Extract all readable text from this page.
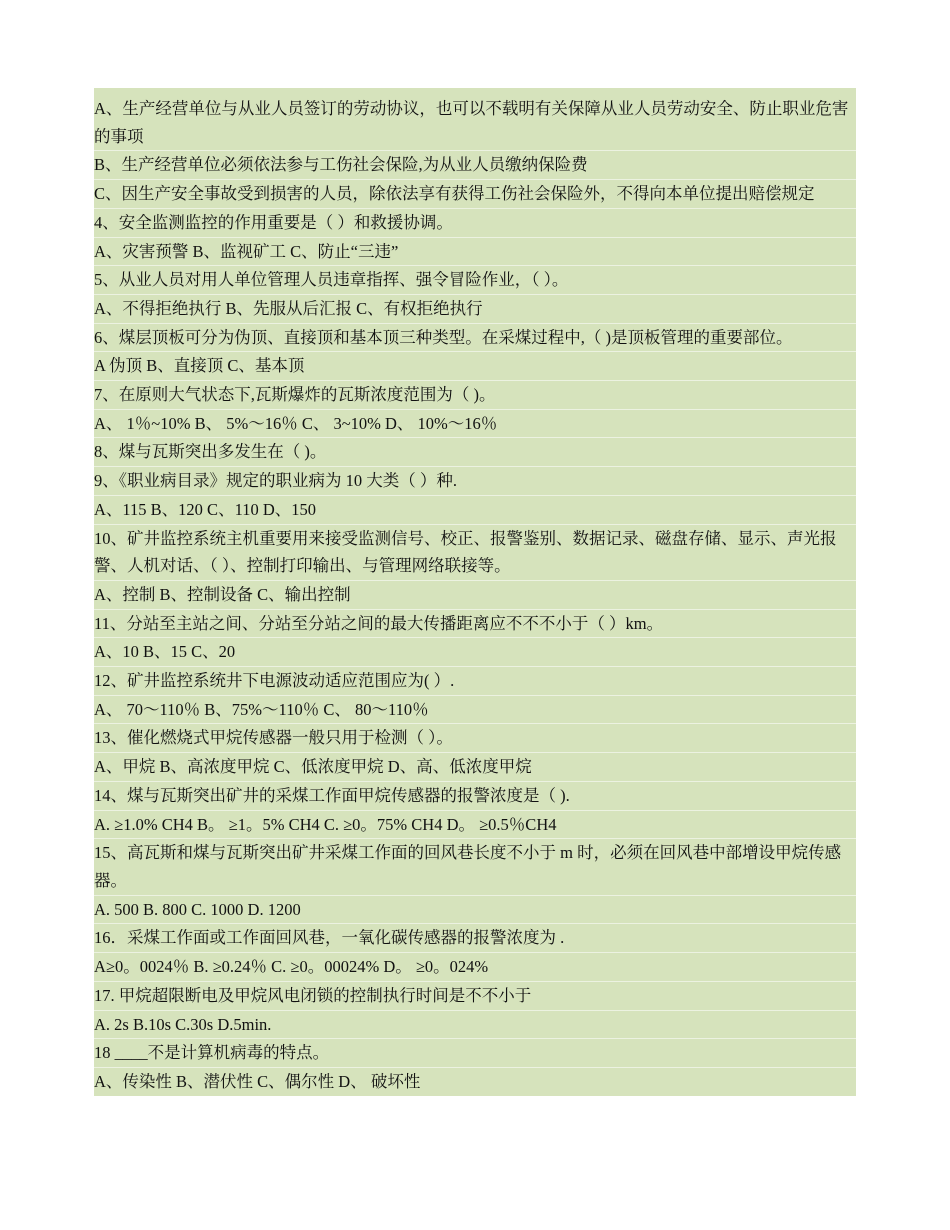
A、生产经营单位与从业人员签订的劳动协议，也可以不载明有关保障从业人员劳动安全、防止职业危害的事项
B、生产经营单位必须依法参与工伤社会保险,为从业人员缴纳保险费
C、因生产安全事故受到损害的人员，除依法享有获得工伤社会保险外，不得向本单位提出赔偿规定
4、安全监测监控的作用重要是（ ）和救援协调。
A、灾害预警 B、监视矿工 C、防止“三违”
5、从业人员对用人单位管理人员违章指挥、强令冒险作业，（ ）。
A、不得拒绝执行 B、先服从后汇报 C、有权拒绝执行
6、煤层顶板可分为伪顶、直接顶和基本顶三种类型。在采煤过程中,（ )是顶板管理的重要部位。
A 伪顶 B、直接顶 C、基本顶
7、在原则大气状态下,瓦斯爆炸的瓦斯浓度范围为（ )。
A、 1％~10% B、 5%～16％ C、 3~10% D、 10%～16％
8、煤与瓦斯突出多发生在（ )。
9、《职业病目录》规定的职业病为 10 大类（ ）种.
A、115 B、120 C、110 D、150
10、矿井监控系统主机重要用来接受监测信号、校正、报警鉴别、数据记录、磁盘存储、显示、声光报警、人机对话、（ ）、控制打印输出、与管理网络联接等。
A、控制 B、控制设备 C、输出控制
11、分站至主站之间、分站至分站之间的最大传播距离应不不不小于（ ）km。
A、10 B、15 C、20
12、矿井监控系统井下电源波动适应范围应为( ）.
A、 70～110％ B、75%～110％ C、 80～110％
13、催化燃烧式甲烷传感器一般只用于检测（ ）。
A、甲烷 B、高浓度甲烷 C、低浓度甲烷 D、高、低浓度甲烷
14、煤与瓦斯突出矿井的采煤工作面甲烷传感器的报警浓度是（ ).
A. ≥1.0% CH4 B。 ≥1。5% CH4 C. ≥0。75% CH4 D。 ≥0.5％CH4
15、高瓦斯和煤与瓦斯突出矿井采煤工作面的回风巷长度不小于 m 时，必须在回风巷中部增设甲烷传感器。
A. 500 B. 800 C. 1000 D. 1200
16．采煤工作面或工作面回风巷，一氧化碳传感器的报警浓度为 .
A≥0。0024％ B. ≥0.24％ C. ≥0。00024% D。 ≥0。024%
17. 甲烷超限断电及甲烷风电闭锁的控制执行时间是不不小于
A. 2s B.10s C.30s D.5min.
18 ____不是计算机病毒的特点。
A、传染性 B、潜伏性 C、偶尔性 D、 破坏性
